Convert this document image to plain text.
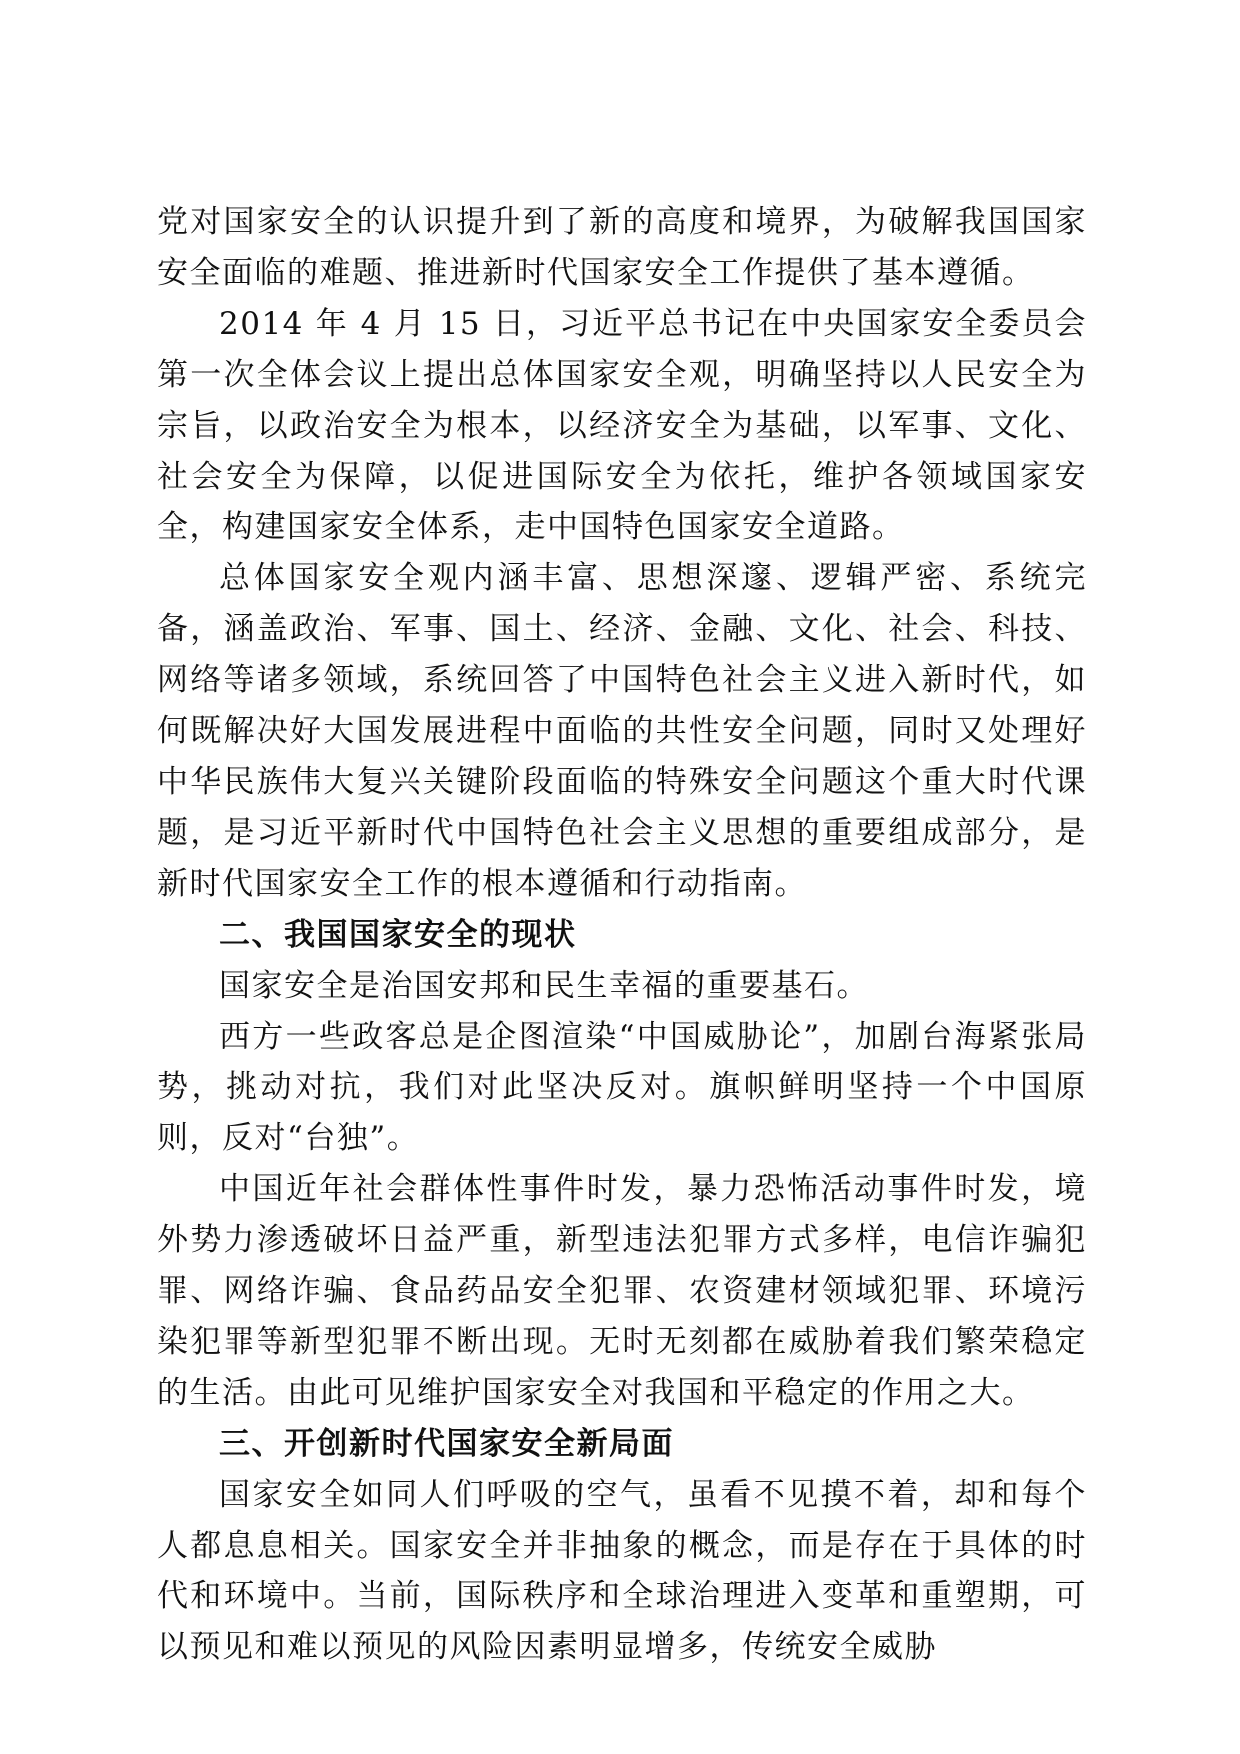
党对国家安全的认识提升到了新的高度和境界，为破解我国国家安全面临的难题、推进新时代国家安全工作提供了基本遵循。

2014 年 4 月 15 日，习近平总书记在中央国家安全委员会第一次全体会议上提出总体国家安全观，明确坚持以人民安全为宗旨，以政治安全为根本，以经济安全为基础，以军事、文化、社会安全为保障，以促进国际安全为依托，维护各领域国家安全，构建国家安全体系，走中国特色国家安全道路。

总体国家安全观内涵丰富、思想深邃、逻辑严密、系统完备，涵盖政治、军事、国土、经济、金融、文化、社会、科技、网络等诸多领域，系统回答了中国特色社会主义进入新时代，如何既解决好大国发展进程中面临的共性安全问题，同时又处理好中华民族伟大复兴关键阶段面临的特殊安全问题这个重大时代课题，是习近平新时代中国特色社会主义思想的重要组成部分，是新时代国家安全工作的根本遵循和行动指南。

二、我国国家安全的现状

国家安全是治国安邦和民生幸福的重要基石。

西方一些政客总是企图渲染“中国威胁论”，加剧台海紧张局势，挑动对抗，我们对此坚决反对。旗帜鲜明坚持一个中国原则，反对“台独”。

中国近年社会群体性事件时发，暴力恐怖活动事件时发，境外势力渗透破坏日益严重，新型违法犯罪方式多样，电信诈骗犯罪、网络诈骗、食品药品安全犯罪、农资建材领域犯罪、环境污染犯罪等新型犯罪不断出现。无时无刻都在威胁着我们繁荣稳定的生活。由此可见维护国家安全对我国和平稳定的作用之大。

三、开创新时代国家安全新局面

国家安全如同人们呼吸的空气，虽看不见摸不着，却和每个人都息息相关。国家安全并非抽象的概念，而是存在于具体的时代和环境中。当前，国际秩序和全球治理进入变革和重塑期，可以预见和难以预见的风险因素明显增多，传统安全威胁
